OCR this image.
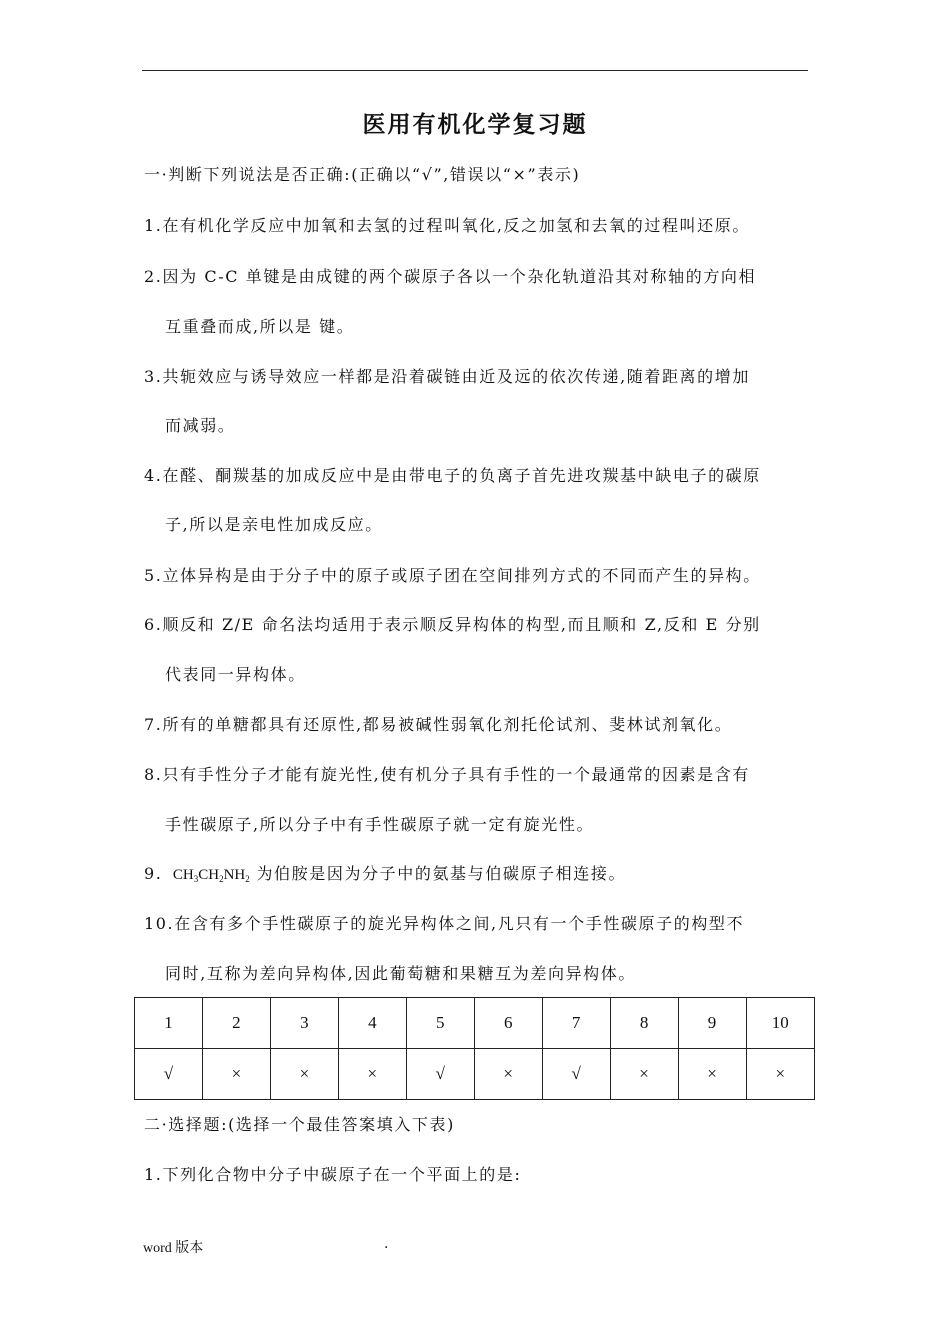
医用有机化学复习题
一·判断下列说法是否正确:(正确以“√”,错误以“×”表示)
1.在有机化学反应中加氧和去氢的过程叫氧化,反之加氢和去氧的过程叫还原。
2.因为 C-C 单键是由成键的两个碳原子各以一个杂化轨道沿其对称轴的方向相
互重叠而成,所以是 键。
3.共轭效应与诱导效应一样都是沿着碳链由近及远的依次传递,随着距离的增加
而减弱。
4.在醛、酮羰基的加成反应中是由带电子的负离子首先进攻羰基中缺电子的碳原
子,所以是亲电性加成反应。
5.立体异构是由于分子中的原子或原子团在空间排列方式的不同而产生的异构。
6.顺反和 Z/E 命名法均适用于表示顺反异构体的构型,而且顺和 Z,反和 E 分别
代表同一异构体。
7.所有的单糖都具有还原性,都易被碱性弱氧化剂托伦试剂、斐林试剂氧化。
8.只有手性分子才能有旋光性,使有机分子具有手性的一个最通常的因素是含有
手性碳原子,所以分子中有手性碳原子就一定有旋光性。
9. $CH_3CH_2NH_2$ 为伯胺是因为分子中的氨基与伯碳原子相连接。
10.在含有多个手性碳原子的旋光异构体之间,凡只有一个手性碳原子的构型不
同时,互称为差向异构体,因此葡萄糖和果糖互为差向异构体。
1	2	3	4	5	6	7	8	9	10
√	×	×	×	√	×	√	×	×	×
二·选择题:(选择一个最佳答案填入下表)
1.下列化合物中分子中碳原子在一个平面上的是:
word 版本	.
